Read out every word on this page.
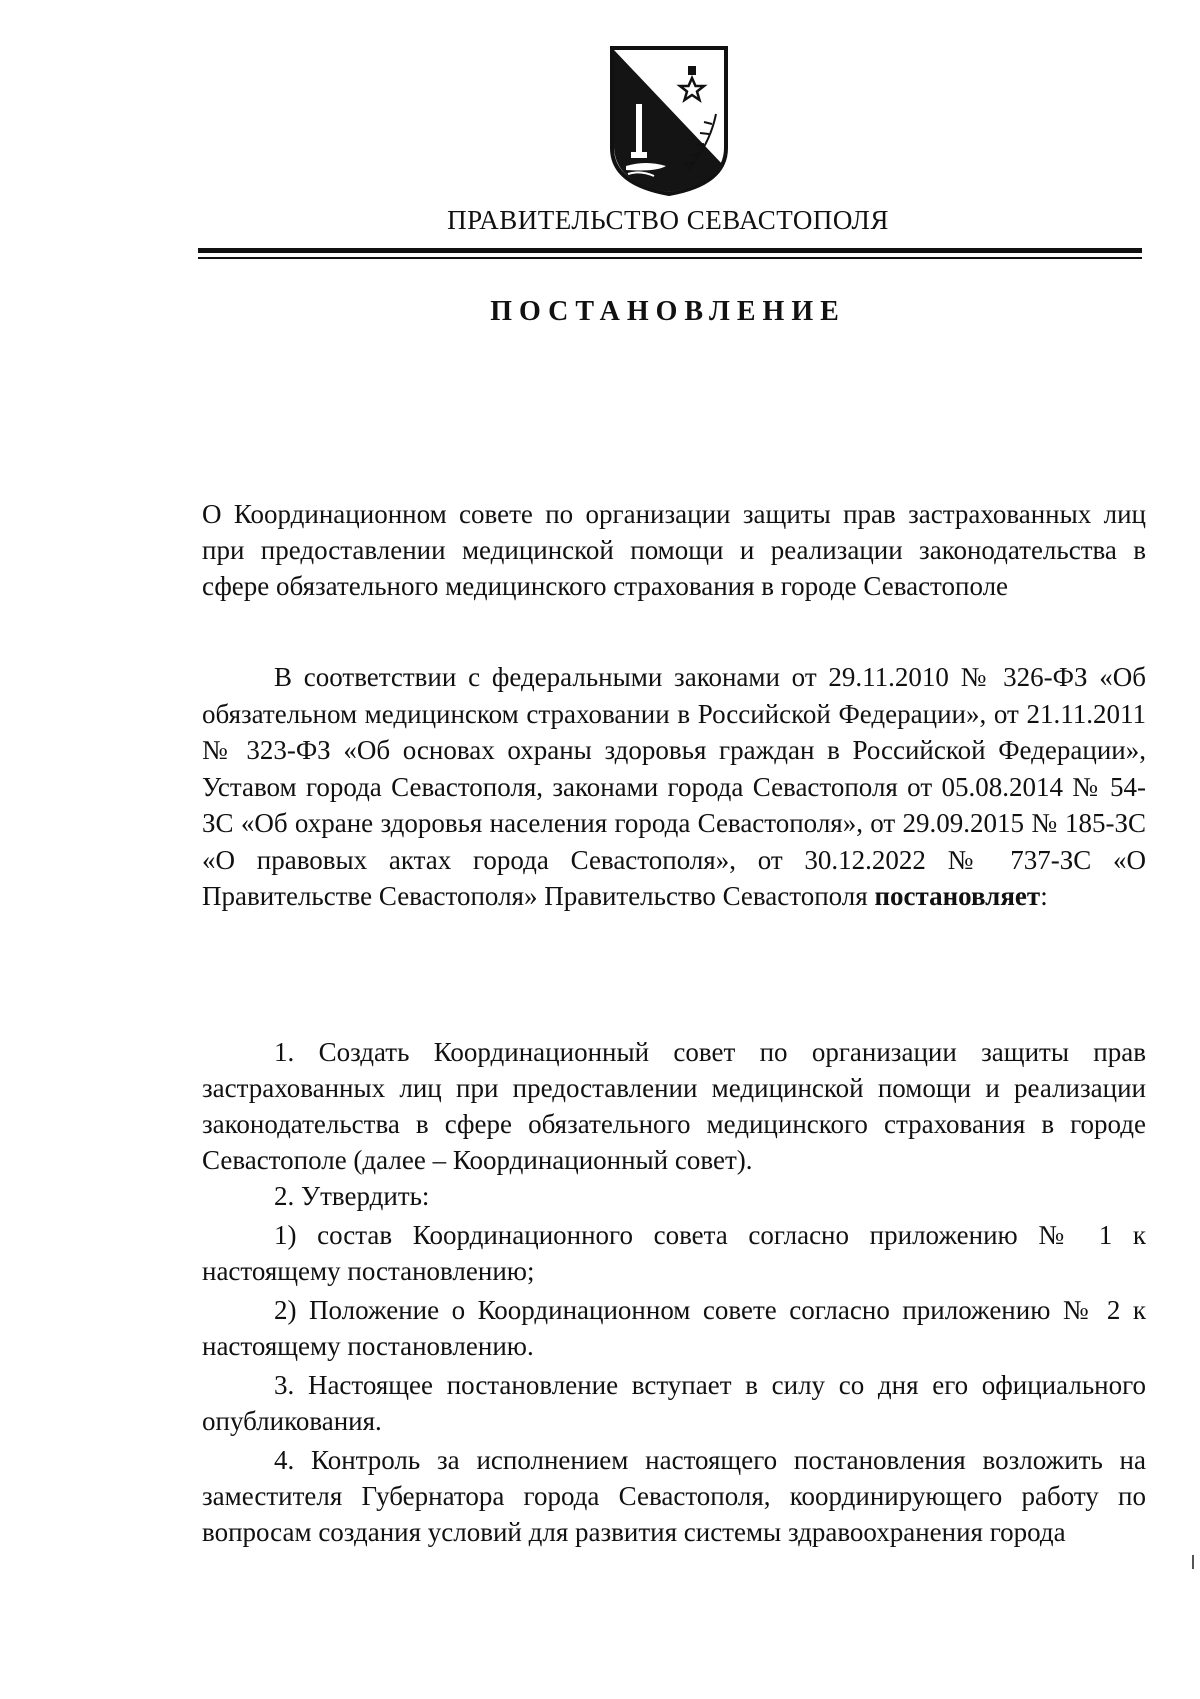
ПРАВИТЕЛЬСТВО СЕВАСТОПОЛЯ
ПОСТАНОВЛЕНИЕ
О Координационном совете по организации защиты прав застрахованных лиц при предоставлении медицинской помощи и реализации законодательства в сфере обязательного медицинского страхования в городе Севастополе
В соответствии с федеральными законами от 29.11.2010 № 326-ФЗ «Об обязательном медицинском страховании в Российской Федерации», от 21.11.2011 № 323-ФЗ «Об основах охраны здоровья граждан в Российской Федерации», Уставом города Севастополя, законами города Севастополя от 05.08.2014 № 54-ЗС «Об охране здоровья населения города Севастополя», от 29.09.2015 № 185-ЗС «О правовых актах города Севастополя», от 30.12.2022 № 737-ЗС «О Правительстве Севастополя» Правительство Севастополя постановляет:

1. Создать Координационный совет по организации защиты прав застрахованных лиц при предоставлении медицинской помощи и реализации законодательства в сфере обязательного медицинского страхования в городе Севастополе (далее – Координационный совет).

2. Утвердить:

1) состав Координационного совета согласно приложению № 1 к настоящему постановлению;

2) Положение о Координационном совете согласно приложению № 2 к настоящему постановлению.

3. Настоящее постановление вступает в силу со дня его официального опубликования.

4. Контроль за исполнением настоящего постановления возложить на заместителя Губернатора города Севастополя, координирующего работу по вопросам создания условий для развития системы здравоохранения города
